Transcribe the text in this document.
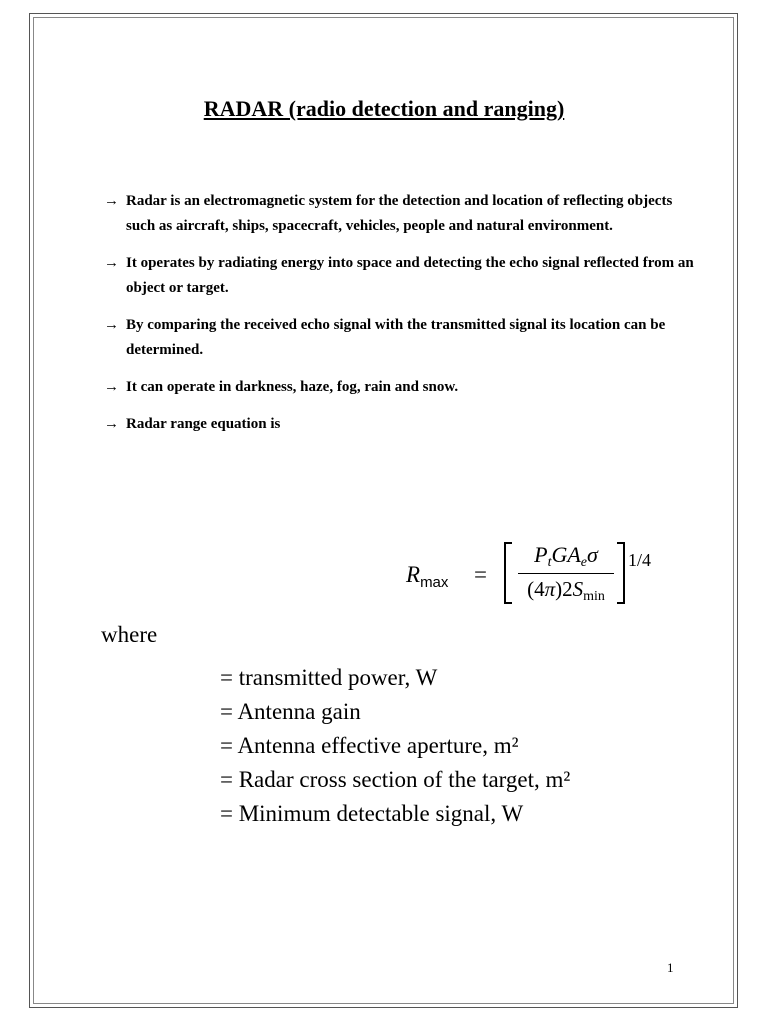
RADAR (radio detection and ranging)
→ Radar is an electromagnetic system for the detection and location of reflecting objects such as aircraft, ships, spacecraft, vehicles, people and natural environment.
→ It operates by radiating energy into space and detecting the echo signal reflected from an object or target.
→ By comparing the received echo signal with the transmitted signal its location can be determined.
→ It can operate in darkness, haze, fog, rain and snow.
→ Radar range equation is
$R_{max}$ =
$P_tGA_e\sigma$
$(4\pi)2S_{min}$
1/4
where
= transmitted power, W
= Antenna gain
= Antenna effective aperture, m²
= Radar cross section of the target, m²
= Minimum detectable signal, W
1
